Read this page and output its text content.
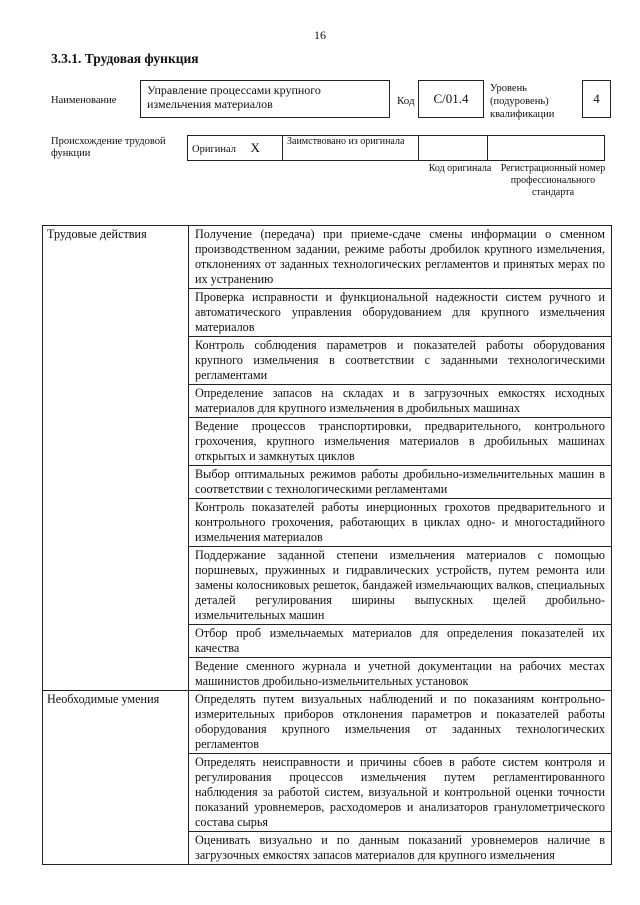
16
3.3.1. Трудовая функция
Наименование
Управление процессами крупного измельчения материалов	Код	C/01.4
Уровень
(подуровень)
квалификации
4
Происхождение трудовой функции	Оригинал X	Заимствовано из оригинала		
Код оригинала Регистрационный номер профессионального стандарта
Трудовые действия	Получение (передача) при приеме-сдаче смены информации о сменном производственном задании, режиме работы дробилок крупного измельчения, отклонениях от заданных технологических регламентов и принятых мерах по их устранению
	Проверка исправности и функциональной надежности систем ручного и автоматического управления оборудованием для крупного измельчения материалов
	Контроль соблюдения параметров и показателей работы оборудования крупного измельчения в соответствии с заданными технологическими регламентами
	Определение запасов на складах и в загрузочных емкостях исходных материалов для крупного измельчения в дробильных машинах
	Ведение процессов транспортировки, предварительного, контрольного грохочения, крупного измельчения материалов в дробильных машинах открытых и замкнутых циклов
	Выбор оптимальных режимов работы дробильно-измельчительных машин в соответствии с технологическими регламентами
	Контроль показателей работы инерционных грохотов предварительного и контрольного грохочения, работающих в циклах одно- и многостадийного измельчения материалов
	Поддержание заданной степени измельчения материалов с помощью поршневых, пружинных и гидравлических устройств, путем ремонта или замены колосниковых решеток, бандажей измельчающих валков, специальных деталей регулирования ширины выпускных щелей дробильно-измельчительных машин
	Отбор проб измельчаемых материалов для определения показателей их качества
	Ведение сменного журнала и учетной документации на рабочих местах машинистов дробильно-измельчительных установок
Необходимые умения	Определять путем визуальных наблюдений и по показаниям контрольно-измерительных приборов отклонения параметров и показателей работы оборудования крупного измельчения от заданных технологических регламентов
	Определять неисправности и причины сбоев в работе систем контроля и регулирования процессов измельчения путем регламентированного наблюдения за работой систем, визуальной и контрольной оценки точности показаний уровнемеров, расходомеров и анализаторов гранулометрического состава сырья
	Оценивать визуально и по данным показаний уровнемеров наличие в загрузочных емкостях запасов материалов для крупного измельчения
